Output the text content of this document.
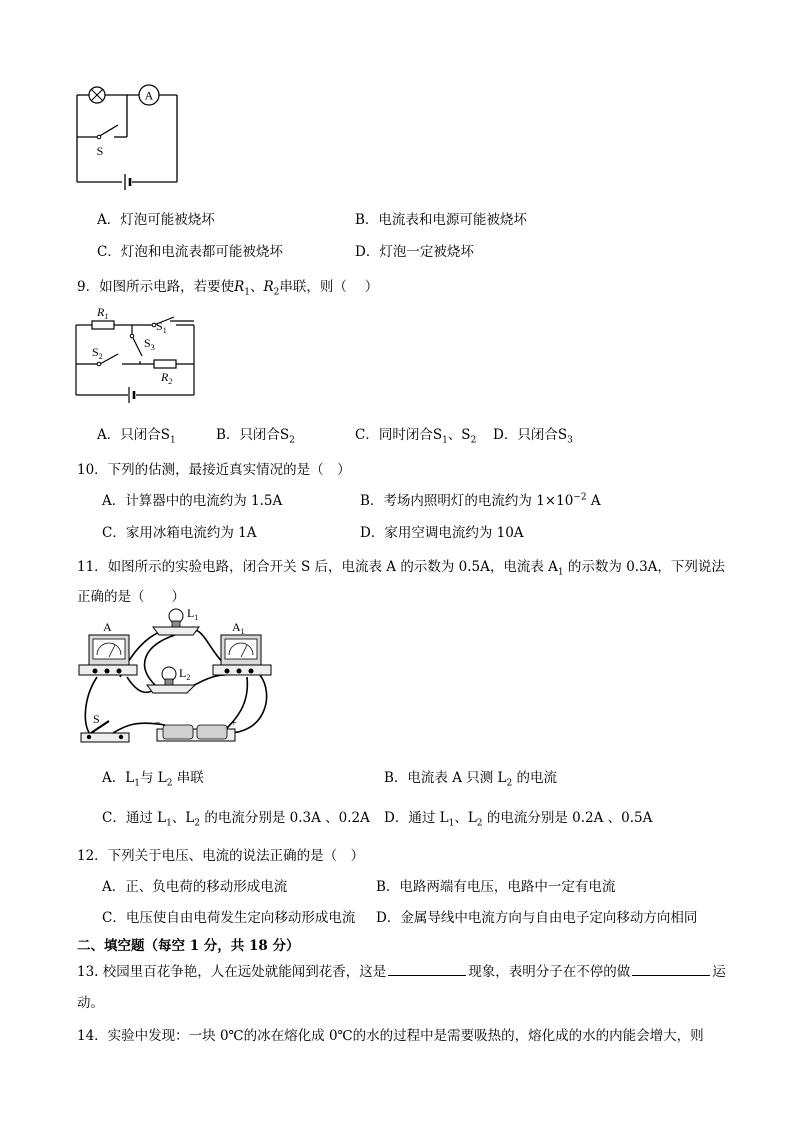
A
S
A．灯泡可能被烧坏	B．电流表和电源可能被烧坏
C．灯泡和电流表都可能被烧坏	D．灯泡一定被烧坏
9．如图所示电路，若要使$R_1$、$R_2$串联，则（　 ）
$R_1$
$S_1$
$S_2$
$S_3$
$R_2$
A．只闭合$S_1$	B．只闭合$S_2$	C．同时闭合$S_1$、$S_2$ D．只闭合$S_3$
10．下列的估测，最接近真实情况的是（　）
A．计算器中的电流约为 1.5A	B．考场内照明灯的电流约为 $1\times 10^{-2}$ A
C．家用冰箱电流约为 1A	D．家用空调电流约为 10A
11．如图所示的实验电路，闭合开关 S 后，电流表 A 的示数为 0.5A，电流表 $A_1$ 的示数为 0.3A，下列说法
正确的是（　　）
A	$A_1$
$L_1$
$L_2$
S	−	+
A．$L_1$与 $L_2$ 串联	B．电流表 A 只测 $L_2$ 的电流
C．通过 $L_1$、$L_2$ 的电流分别是 0.3A 、0.2A D．通过 $L_1$、$L_2$ 的电流分别是 0.2A 、0.5A
12．下列关于电压、电流的说法正确的是（　）
A．正、负电荷的移动形成电流	B．电路两端有电压，电路中一定有电流
C．电压使自由电荷发生定向移动形成电流 D．金属导线中电流方向与自由电子定向移动方向相同
二、填空题（每空 1 分，共 18 分）
13. 校园里百花争艳，人在远处就能闻到花香，这是	现象，表明分子在不停的做	运
动。
14．实验中发现：一块 0℃的冰在熔化成 0℃的水的过程中是需要吸热的，熔化成的水的内能会增大，则
